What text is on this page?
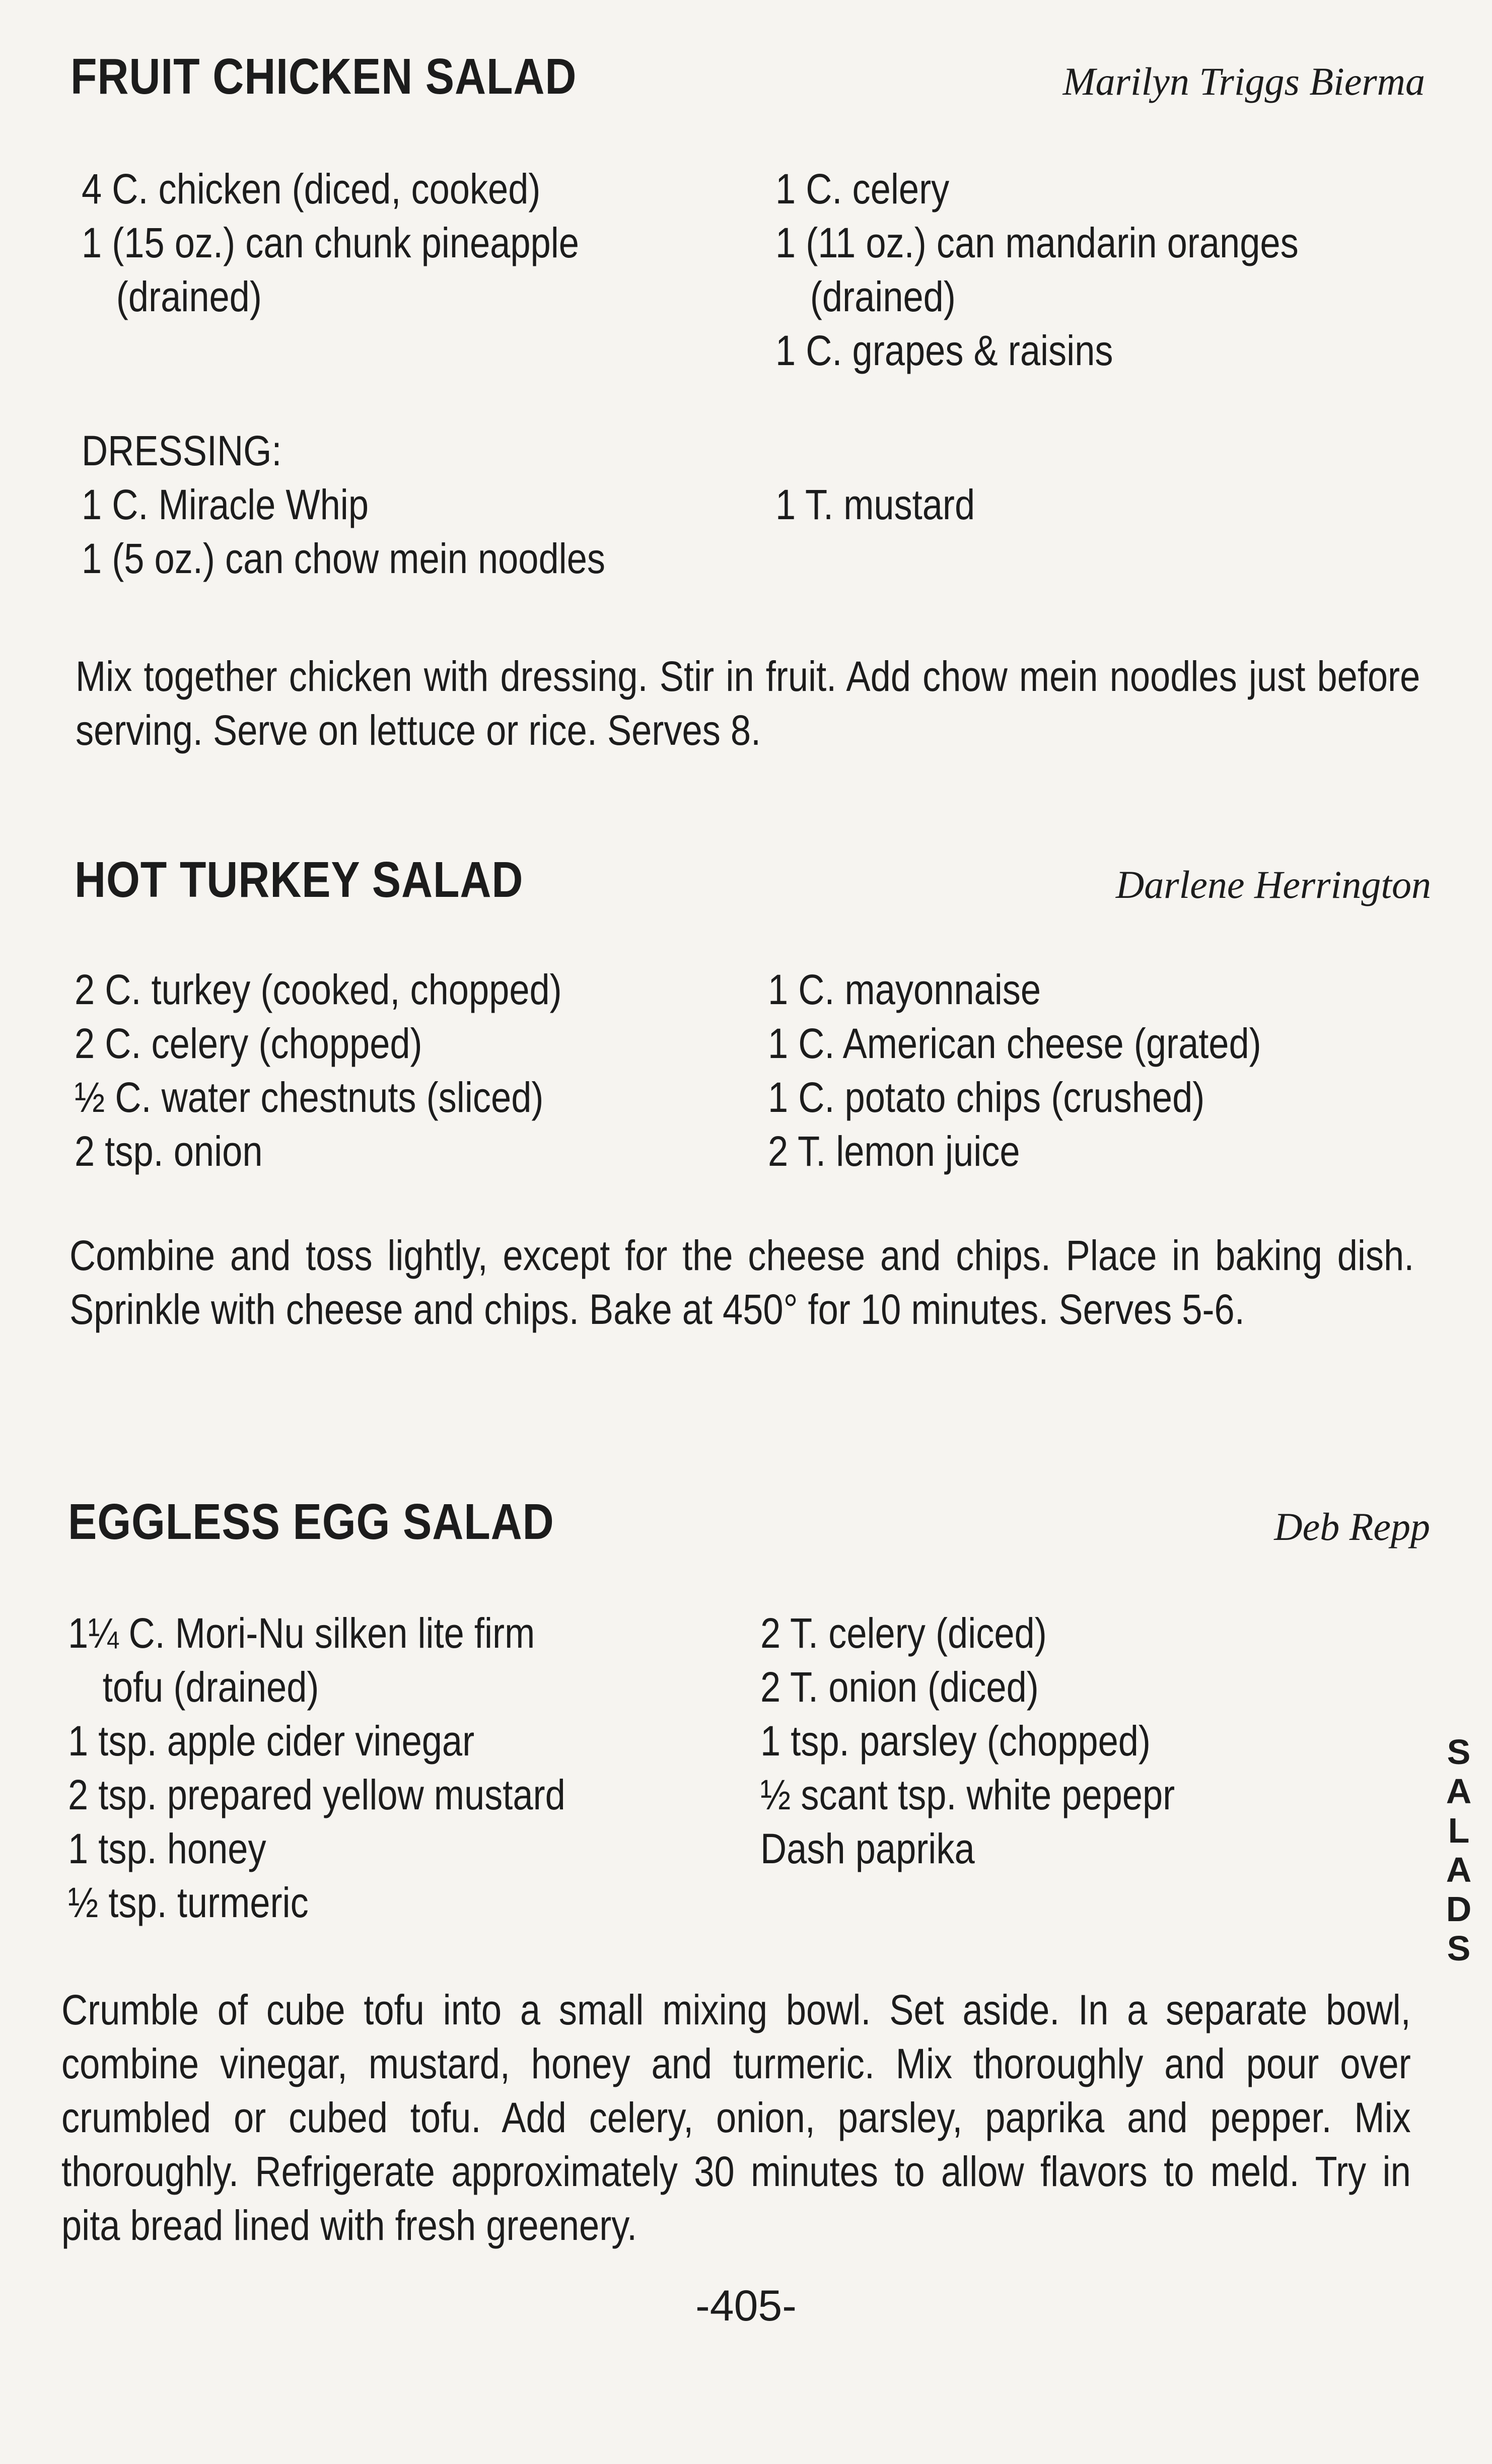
FRUIT CHICKEN SALAD	Marilyn Triggs Bierma
4 C. chicken (diced, cooked)
1 (15 oz.) can chunk pineapple
(drained)
1 C. celery
1 (11 oz.) can mandarin oranges
(drained)
1 C. grapes & raisins
DRESSING:
1 C. Miracle Whip
1 (5 oz.) can chow mein noodles
1 T. mustard
Mix together chicken with dressing. Stir in fruit. Add chow mein noodles just before serving. Serve on lettuce or rice. Serves 8.
HOT TURKEY SALAD	Darlene Herrington
2 C. turkey (cooked, chopped)
2 C. celery (chopped)
½ C. water chestnuts (sliced)
2 tsp. onion
1 C. mayonnaise
1 C. American cheese (grated)
1 C. potato chips (crushed)
2 T. lemon juice
Combine and toss lightly, except for the cheese and chips. Place in baking dish. Sprinkle with cheese and chips. Bake at 450° for 10 minutes. Serves 5-6.
EGGLESS EGG SALAD	Deb Repp
1¼ C. Mori-Nu silken lite firm
tofu (drained)
1 tsp. apple cider vinegar
2 tsp. prepared yellow mustard
1 tsp. honey
½ tsp. turmeric
2 T. celery (diced)
2 T. onion (diced)
1 tsp. parsley (chopped)
½ scant tsp. white pepepr
Dash paprika
Crumble of cube tofu into a small mixing bowl. Set aside. In a separate bowl, combine vinegar, mustard, honey and turmeric. Mix thoroughly and pour over crumbled or cubed tofu. Add celery, onion, parsley, paprika and pepper. Mix thoroughly. Refrigerate approximately 30 minutes to allow flavors to meld. Try in pita bread lined with fresh greenery.
S
A
L
A
D
S
-405-
